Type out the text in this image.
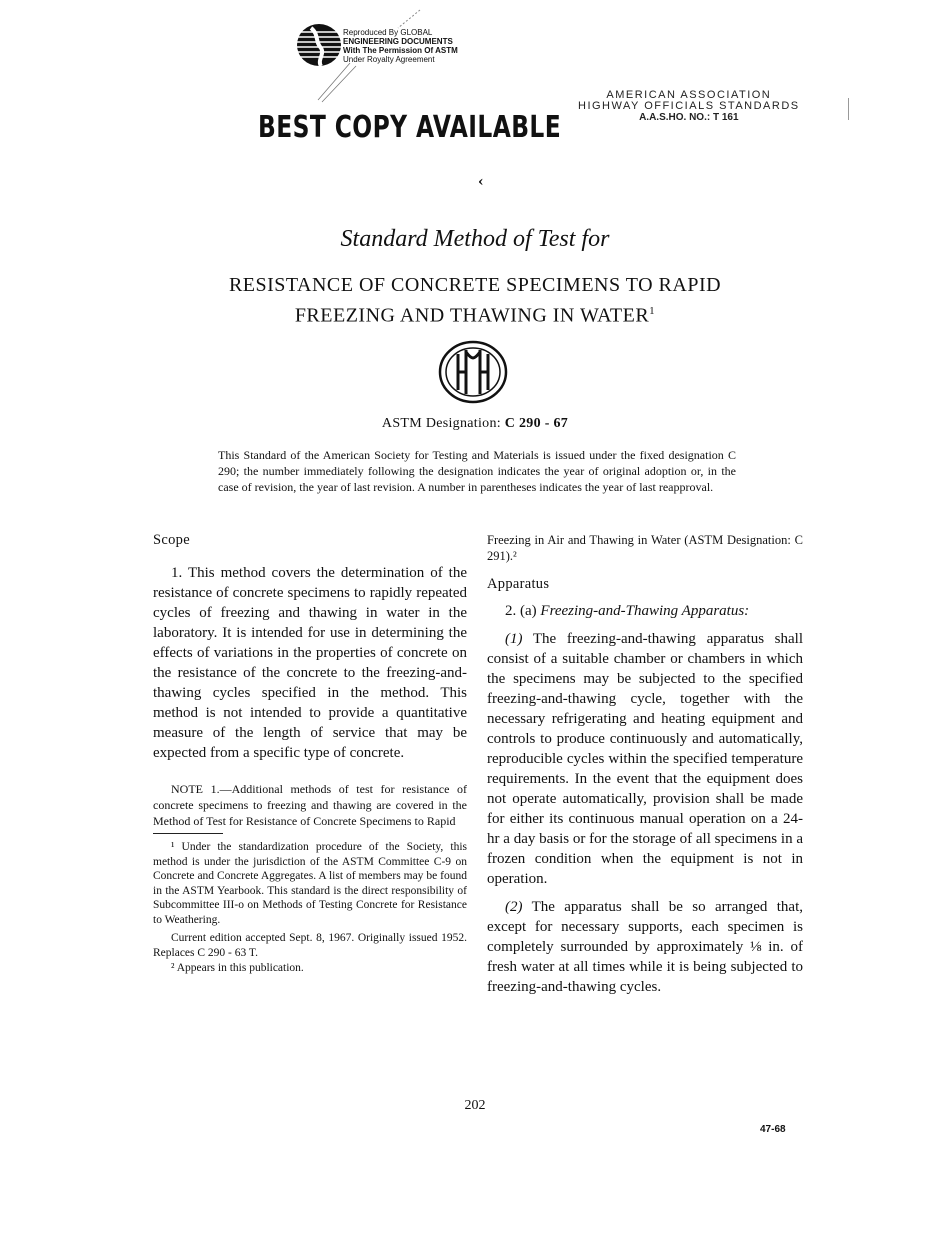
Reproduced By GLOBAL
ENGINEERING DOCUMENTS
With The Permission Of ASTM
Under Royalty Agreement
AMERICAN ASSOCIATION
HIGHWAY OFFICIALS STANDARDS
A.A.S.HO. NO.: T 161
BEST COPY AVAILABLE
‹
Standard Method of Test for
RESISTANCE OF CONCRETE SPECIMENS TO RAPID
FREEZING AND THAWING IN WATER$^1$
ASTM Designation: C 290 - 67

This Standard of the American Society for Testing and Materials is issued under the fixed designation C 290; the number immediately following the designation indicates the year of original adoption or, in the case of revision, the year of last revision. A number in parentheses indicates the year of last reapproval.

Scope

1. This method covers the determination of the resistance of concrete specimens to rapidly repeated cycles of freezing and thawing in water in the laboratory. It is intended for use in determining the effects of variations in the properties of concrete on the resistance of the concrete to the freezing-and-thawing cycles specified in the method. This method is not intended to provide a quantitative measure of the length of service that may be expected from a specific type of concrete.

NOTE 1.—Additional methods of test for resistance of concrete specimens to freezing and thawing are covered in the Method of Test for Resistance of Concrete Specimens to Rapid

¹ Under the standardization procedure of the Society, this method is under the jurisdiction of the ASTM Committee C-9 on Concrete and Concrete Aggregates. A list of members may be found in the ASTM Yearbook. This standard is the direct responsibility of Subcommittee III-o on Methods of Testing Concrete for Resistance to Weathering.

Current edition accepted Sept. 8, 1967. Originally issued 1952. Replaces C 290 - 63 T.

² Appears in this publication.

Freezing in Air and Thawing in Water (ASTM Designation: C 291).²

Apparatus

2. (a) Freezing-and-Thawing Apparatus:

(1) The freezing-and-thawing apparatus shall consist of a suitable chamber or chambers in which the specimens may be subjected to the specified freezing-and-thawing cycle, together with the necessary refrigerating and heating equipment and controls to produce continuously and automatically, reproducible cycles within the specified temperature requirements. In the event that the equipment does not operate automatically, provision shall be made for either its continuous manual operation on a 24-hr a day basis or for the storage of all specimens in a frozen condition when the equipment is not in operation.

(2) The apparatus shall be so arranged that, except for necessary supports, each specimen is completely surrounded by approximately ⅛ in. of fresh water at all times while it is being subjected to freezing-and-thawing cycles.

202
47-68
